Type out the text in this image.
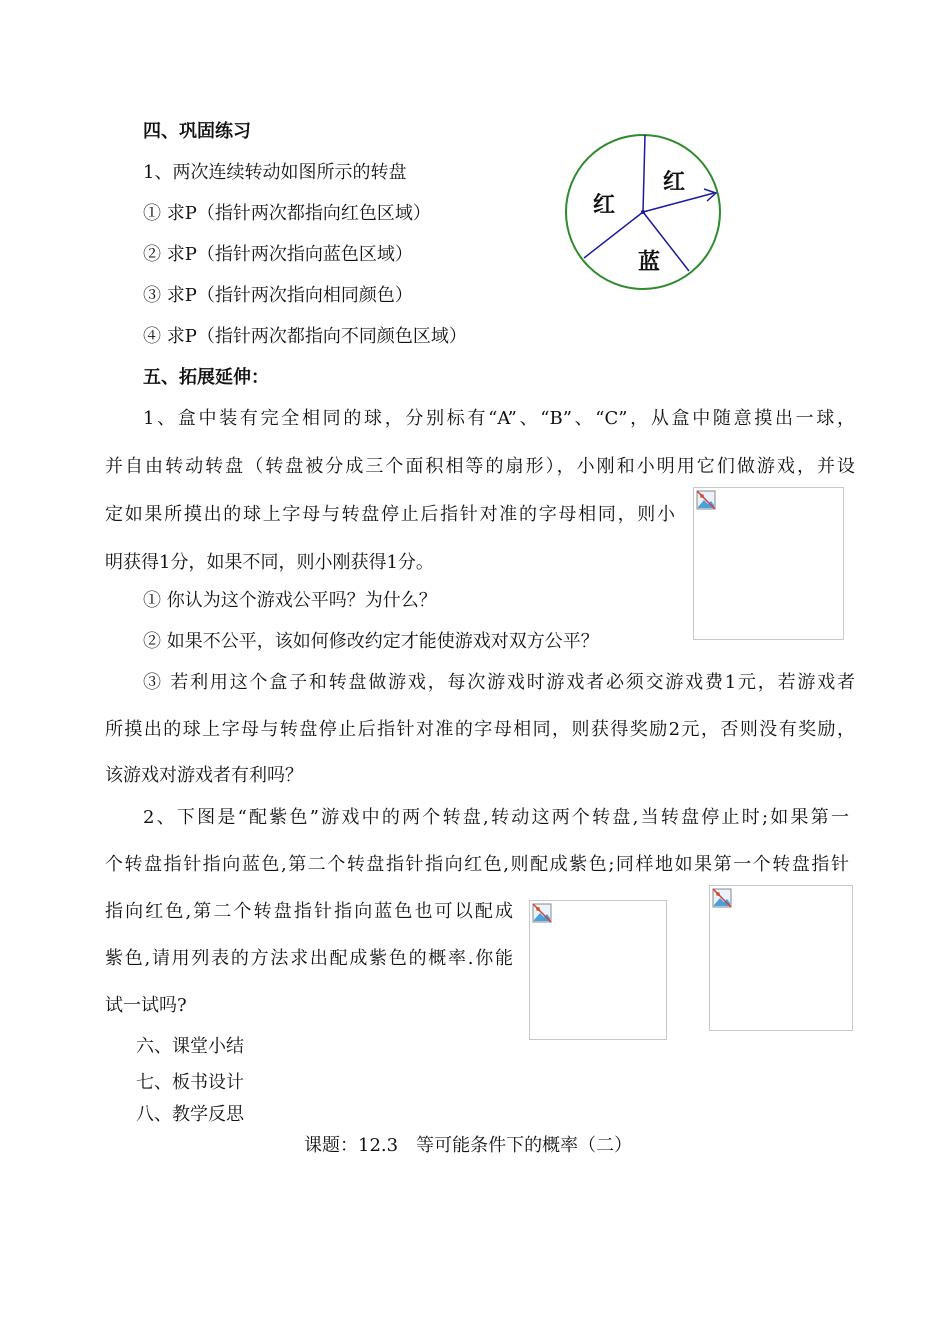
四、巩固练习
1、两次连续转动如图所示的转盘
① 求P（指针两次都指向红色区域）
② 求P（指针两次指向蓝色区域）
③ 求P（指针两次指向相同颜色）
④ 求P（指针两次都指向不同颜色区域）
红
红
蓝
五、拓展延伸：
1、盒中装有完全相同的球，分别标有“A”、“B”、“C”，从盒中随意摸出一球，
并自由转动转盘（转盘被分成三个面积相等的扇形），小刚和小明用它们做游戏，并设
定如果所摸出的球上字母与转盘停止后指针对准的字母相同，则小
明获得1分，如果不同，则小刚获得1分。
① 你认为这个游戏公平吗？为什么？
② 如果不公平，该如何修改约定才能使游戏对双方公平？
③ 若利用这个盒子和转盘做游戏，每次游戏时游戏者必须交游戏费1元，若游戏者
所摸出的球上字母与转盘停止后指针对准的字母相同，则获得奖励2元，否则没有奖励，
该游戏对游戏者有利吗？
2、下图是“配紫色”游戏中的两个转盘,转动这两个转盘,当转盘停止时;如果第一
个转盘指针指向蓝色,第二个转盘指针指向红色,则配成紫色;同样地如果第一个转盘指针
指向红色,第二个转盘指针指向蓝色也可以配成
紫色,请用列表的方法求出配成紫色的概率.你能
试一试吗?
六、课堂小结
七、板书设计
八、教学反思
课题：12.3　等可能条件下的概率（二）
